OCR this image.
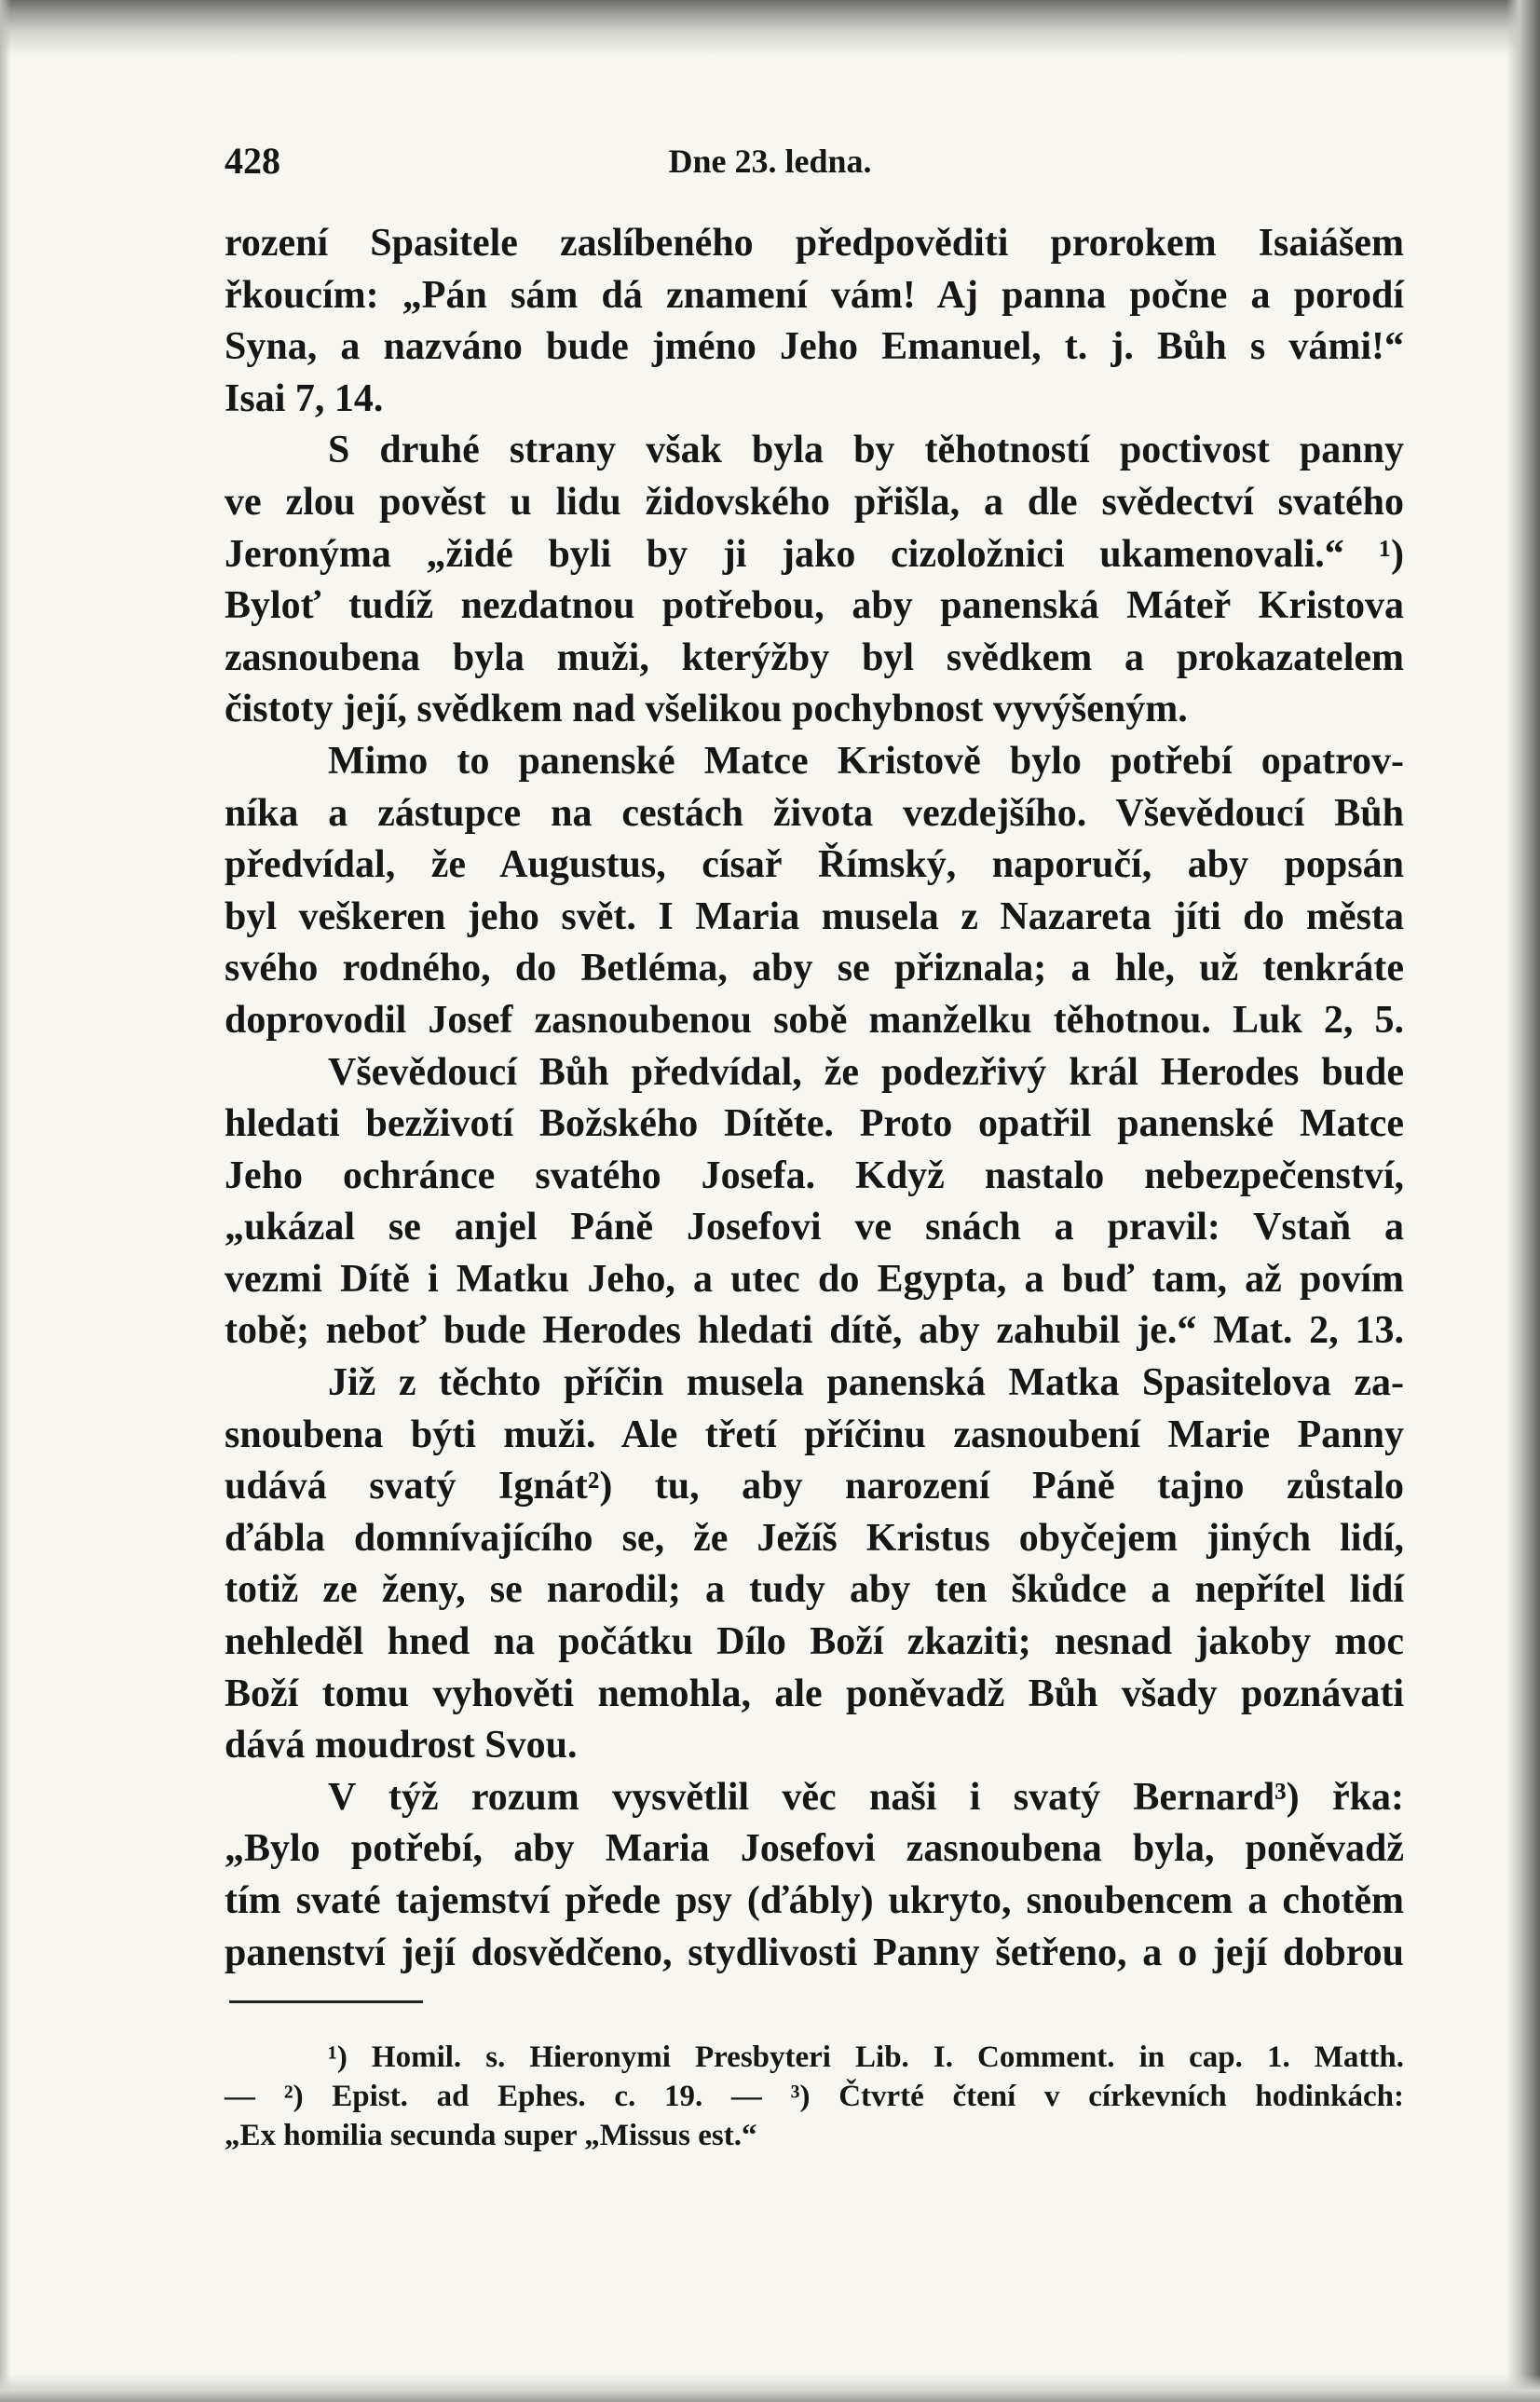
428	Dne 23. ledna.
rození Spasitele zaslíbeného předpověditi prorokem Isaiášem
řkoucím: „Pán sám dá znamení vám! Aj panna počne a porodí
Syna, a nazváno bude jméno Jeho Emanuel, t. j. Bůh s vámi!“
Isai 7, 14.
S druhé strany však byla by těhotností poctivost panny
ve zlou pověst u lidu židovského přišla, a dle svědectví svatého
Jeronýma „židé byli by ji jako cizoložnici ukamenovali.“ ¹)
Byloť tudíž nezdatnou potřebou, aby panenská Máteř Kristova
zasnoubena byla muži, kterýžby byl svědkem a prokazatelem
čistoty její, svědkem nad všelikou pochybnost vyvýšeným.
Mimo to panenské Matce Kristově bylo potřebí opatrov-
níka a zástupce na cestách života vezdejšího. Vševědoucí Bůh
předvídal, že Augustus, císař Římský, naporučí, aby popsán
byl veškeren jeho svět. I Maria musela z Nazareta jíti do města
svého rodného, do Betléma, aby se přiznala; a hle, už tenkráte
doprovodil Josef zasnoubenou sobě manželku těhotnou. Luk 2, 5.
Vševědoucí Bůh předvídal, že podezřivý král Herodes bude
hledati bezživotí Božského Dítěte. Proto opatřil panenské Matce
Jeho ochránce svatého Josefa. Když nastalo nebezpečenství,
„ukázal se anjel Páně Josefovi ve snách a pravil: Vstaň a
vezmi Dítě i Matku Jeho, a utec do Egypta, a buď tam, až povím
tobě; neboť bude Herodes hledati dítě, aby zahubil je.“ Mat. 2, 13.
Již z těchto příčin musela panenská Matka Spasitelova za-
snoubena býti muži. Ale třetí příčinu zasnoubení Marie Panny
udává svatý Ignát²) tu, aby narození Páně tajno zůstalo
ďábla domnívajícího se, že Ježíš Kristus obyčejem jiných lidí,
totiž ze ženy, se narodil; a tudy aby ten škůdce a nepřítel lidí
nehleděl hned na počátku Dílo Boží zkaziti; nesnad jakoby moc
Boží tomu vyhověti nemohla, ale poněvadž Bůh všady poznávati
dává moudrost Svou.
V týž rozum vysvětlil věc naši i svatý Bernard³) řka:
„Bylo potřebí, aby Maria Josefovi zasnoubena byla, poněvadž
tím svaté tajemství přede psy (ďábly) ukryto, snoubencem a chotěm
panenství její dosvědčeno, stydlivosti Panny šetřeno, a o její dobrou
¹) Homil. s. Hieronymi Presbyteri Lib. I. Comment. in cap. 1. Matth.
— ²) Epist. ad Ephes. c. 19. — ³) Čtvrté čtení v církevních hodinkách:
„Ex homilia secunda super „Missus est.“
